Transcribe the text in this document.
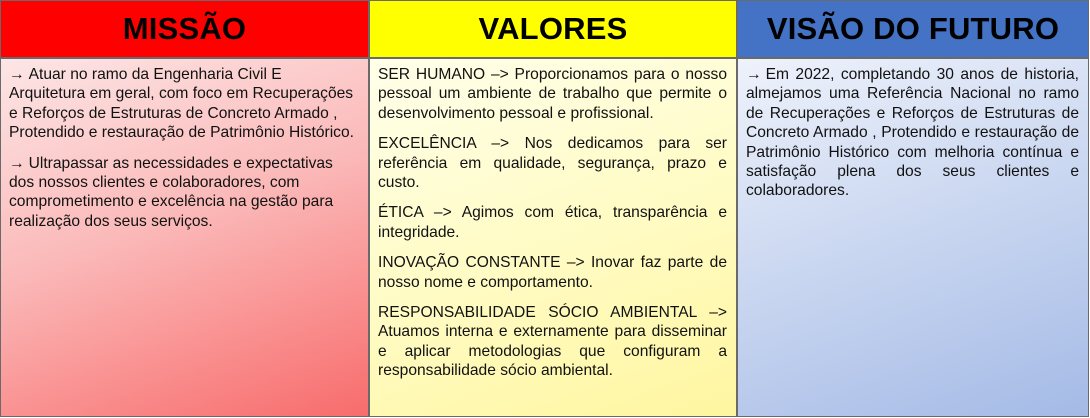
MISSÃO	VALORES	VISÃO DO FUTURO

→ Atuar no ramo da Engenharia Civil E Arquitetura em geral, com foco em Recuperações e Reforços de Estruturas de Concreto Armado , Protendido e restauração de Patrimônio Histórico.

→ Ultrapassar as necessidades e expectativas dos nossos clientes e colaboradores, com comprometimento e excelência na gestão para realização dos seus serviços.

SER HUMANO –> Proporcionamos para o nosso pessoal um ambiente de trabalho que permite o desenvolvimento pessoal e profissional.

EXCELÊNCIA –> Nos dedicamos para ser referência em qualidade, segurança, prazo e custo.

ÉTICA –> Agimos com ética, transparência e integridade.

INOVAÇÃO CONSTANTE –> Inovar faz parte de nosso nome e comportamento.

RESPONSABILIDADE SÓCIO AMBIENTAL –> Atuamos interna e externamente para disseminar e aplicar metodologias que configuram a responsabilidade sócio ambiental.

→ Em 2022, completando 30 anos de historia, almejamos uma Referência Nacional no ramo de Recuperações e Reforços de Estruturas de Concreto Armado , Protendido e restauração de Patrimônio Histórico com melhoria contínua e satisfação plena dos seus clientes e colaboradores.
